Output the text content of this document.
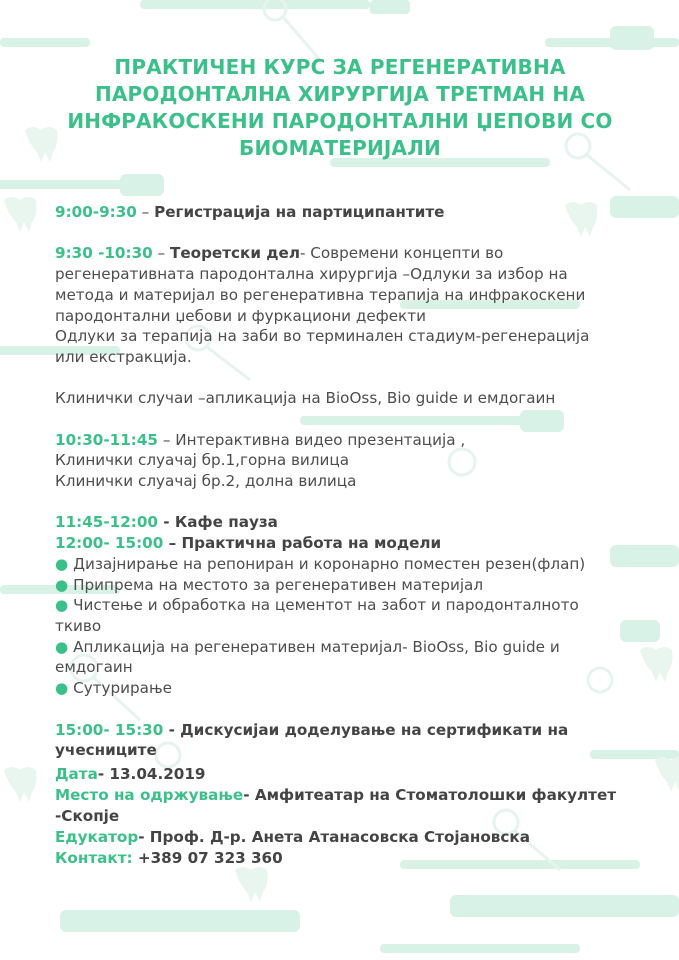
ПРАКТИЧЕН КУРС ЗА РЕГЕНЕРАТИВНА
ПАРОДОНТАЛНА ХИРУРГИЈА ТРЕТМАН НА
ИНФРАКОСКЕНИ ПАРОДОНТАЛНИ ЏЕПОВИ СО
БИОМАТЕРИЈАЛИ

9:00-9:30 – Регистрација на партиципантите

9:30 -10:30 – Теоретски дел- Современи концепти во

регенеративната пародонтална хирургија –Одлуки за избор на

метода и материјал во регенеративна терапија на инфракоскени

пародонтални џебови и фуркациони дефекти

Одлуки за терапија на заби во терминален стадиум-регенерација

или екстракција.

Клинички случаи –апликација на BioOss, Bio guide и емдогаин

10:30-11:45 – Интерактивна видео презентација ,

Клинички слуачај бр.1,горна вилица

Клинички слуачај бр.2, долна вилица

11:45-12:00 - Кафе пауза

12:00- 15:00 – Практична работа на модели

● Дизајнирање на репониран и коронарно поместен резен(флап)

● Припрема на местото за регенеративен материјал

● Чистење и обработка на цементот на забот и пародонталното

ткиво

● Апликација на регенеративен материјал- BioOss, Bio guide и

емдогаин

● Сутурирање

15:00- 15:30 - Дискусијаи доделување на сертификати на

учесниците

Дата- 13.04.2019

Место на одржување- Амфитеатар на Стоматолошки факултет

-Скопје

Едукатор- Проф. Д-р. Анета Атанасовска Стојановска

Контакт: +389 07 323 360
